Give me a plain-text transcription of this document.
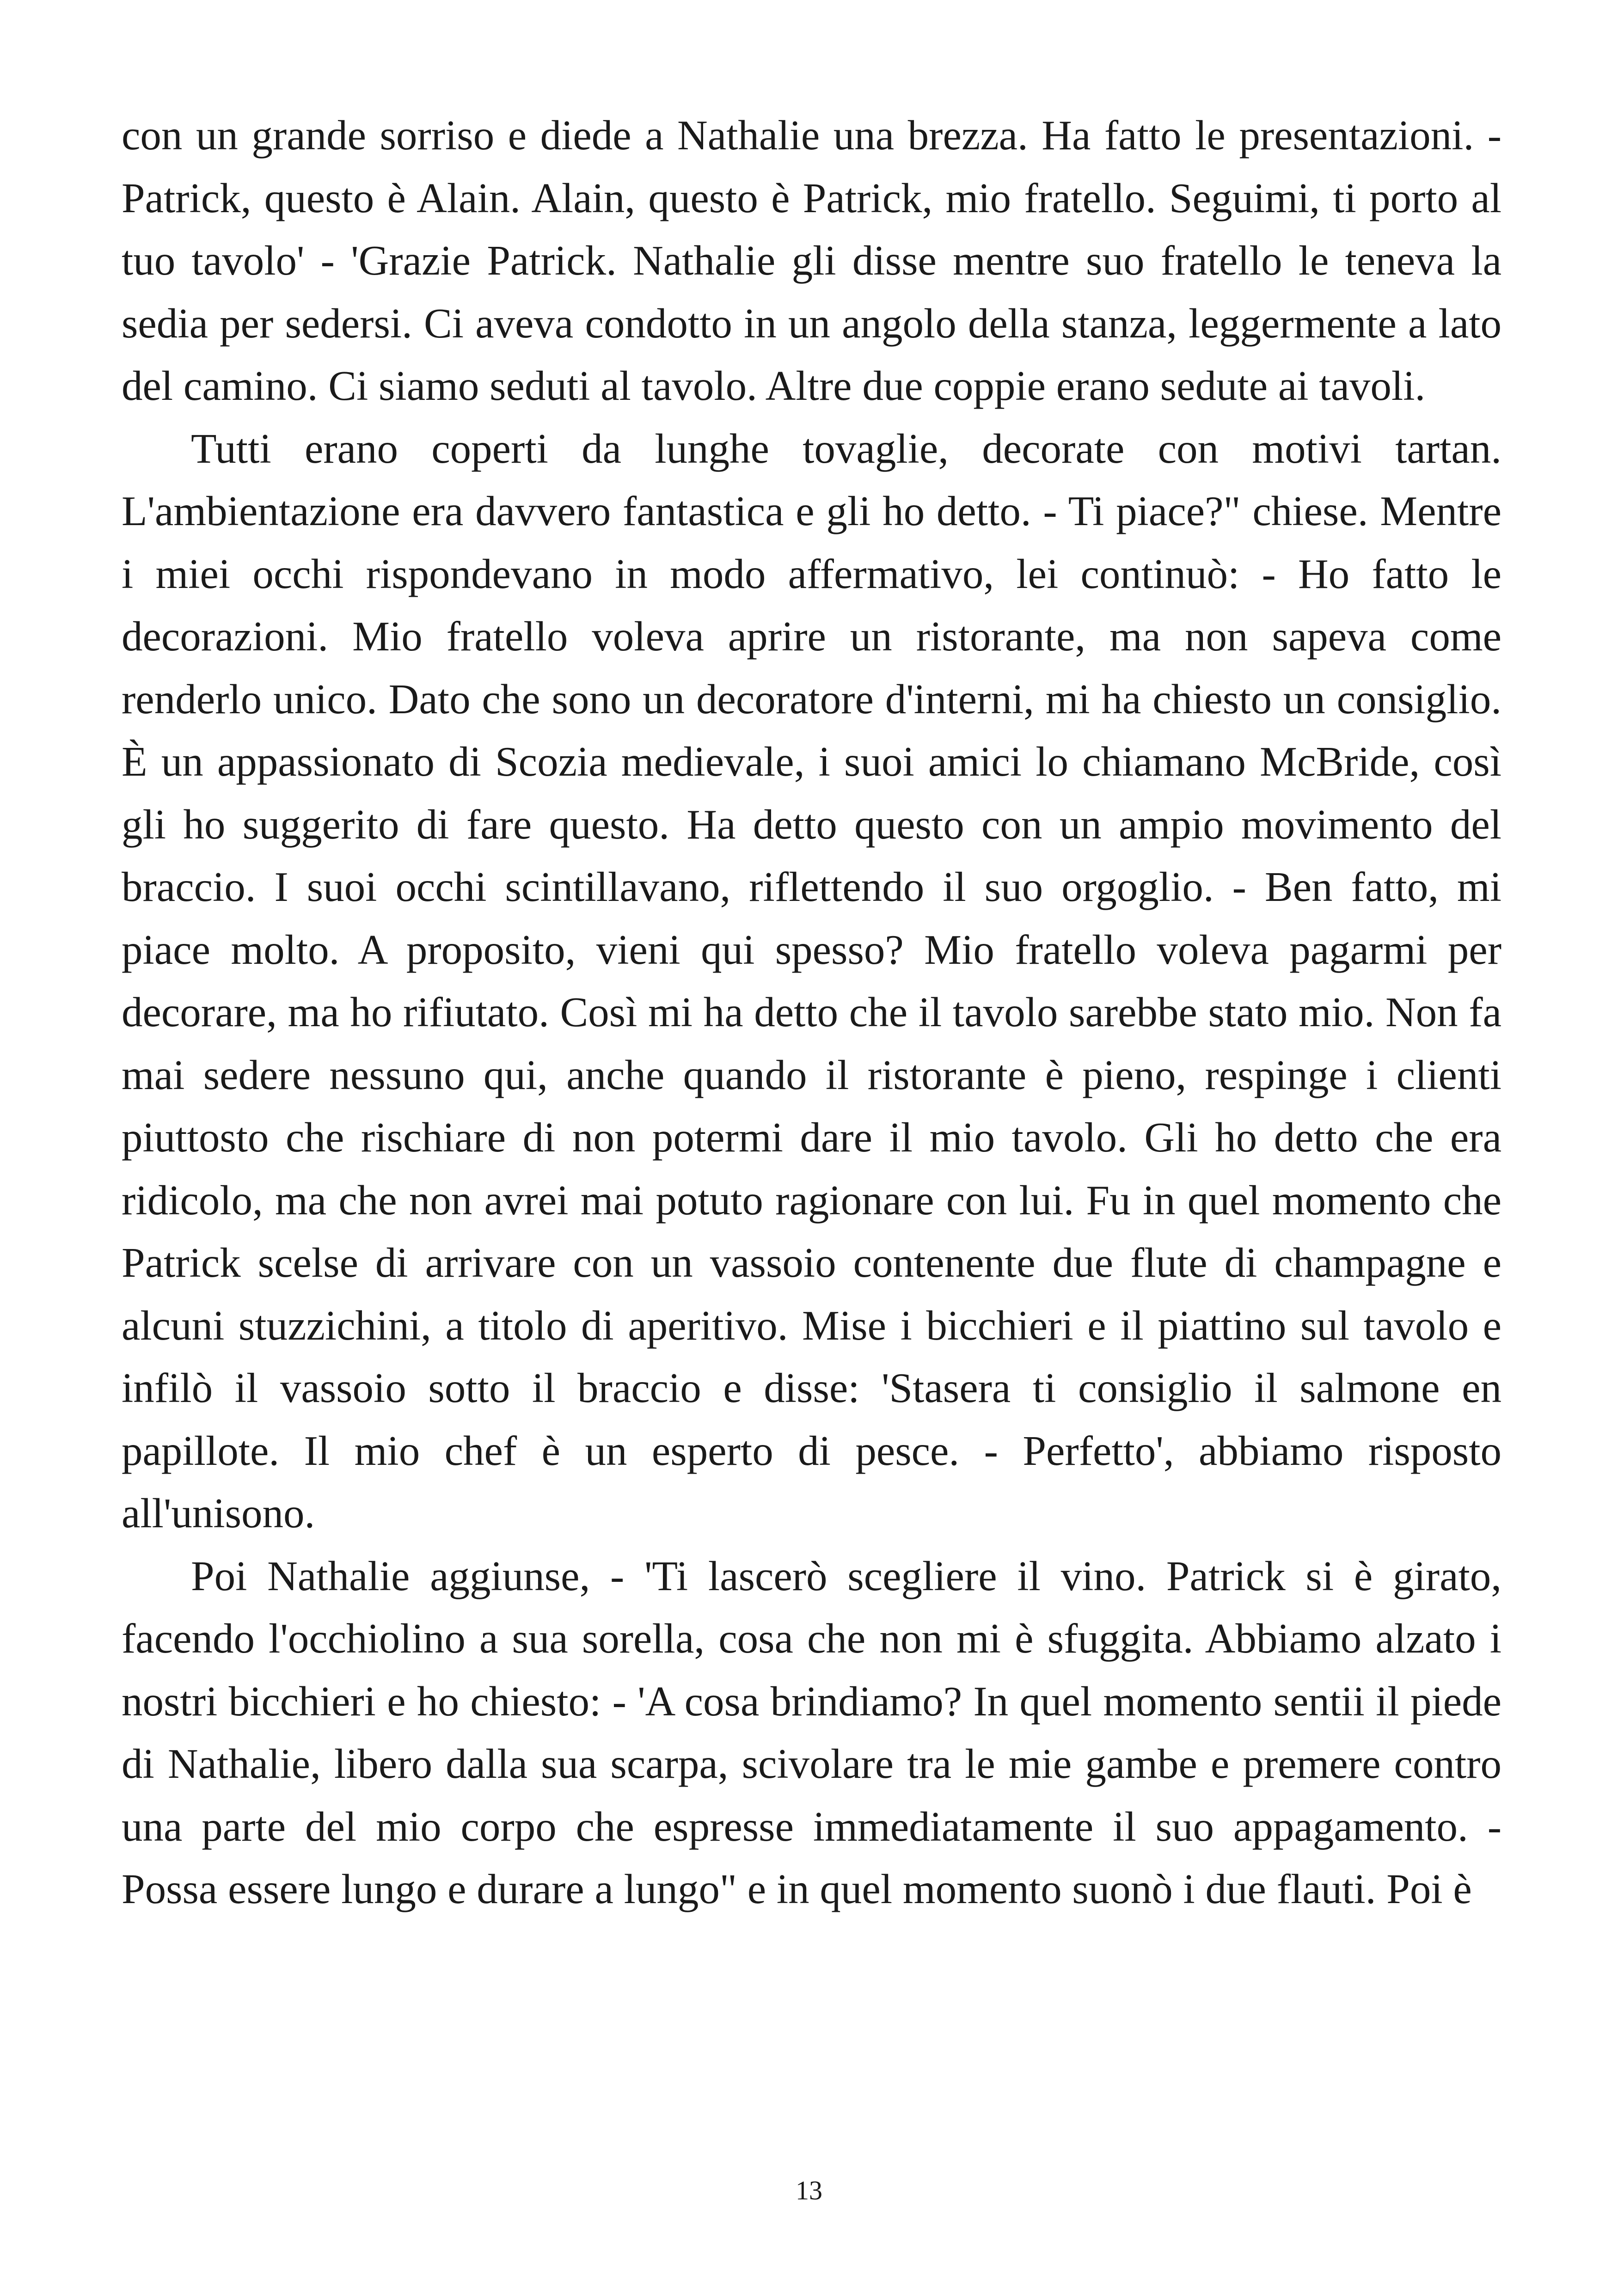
con un grande sorriso e diede a Nathalie una brezza. Ha fatto le presentazioni. - Patrick, questo è Alain. Alain, questo è Patrick, mio fratello. Seguimi, ti porto al tuo tavolo' - 'Grazie Patrick. Nathalie gli disse mentre suo fratello le teneva la sedia per sedersi. Ci aveva condotto in un angolo della stanza, leggermente a lato del camino. Ci siamo seduti al tavolo. Altre due coppie erano sedute ai tavoli.

Tutti erano coperti da lunghe tovaglie, decorate con motivi tartan. L'ambientazione era davvero fantastica e gli ho detto. - Ti piace?" chiese. Mentre i miei occhi rispondevano in modo affermativo, lei continuò: - Ho fatto le decorazioni. Mio fratello voleva aprire un ristorante, ma non sapeva come renderlo unico. Dato che sono un decoratore d'interni, mi ha chiesto un consiglio. È un appassionato di Scozia medievale, i suoi amici lo chiamano McBride, così gli ho suggerito di fare questo. Ha detto questo con un ampio movimento del braccio. I suoi occhi scintillavano, riflettendo il suo orgoglio. - Ben fatto, mi piace molto. A proposito, vieni qui spesso? Mio fratello voleva pagarmi per decorare, ma ho rifiutato. Così mi ha detto che il tavolo sarebbe stato mio. Non fa mai sedere nessuno qui, anche quando il ristorante è pieno, respinge i clienti piuttosto che rischiare di non potermi dare il mio tavolo. Gli ho detto che era ridicolo, ma che non avrei mai potuto ragionare con lui. Fu in quel momento che Patrick scelse di arrivare con un vassoio contenente due flute di champagne e alcuni stuzzichini, a titolo di aperitivo. Mise i bicchieri e il piattino sul tavolo e infilò il vassoio sotto il braccio e disse: 'Stasera ti consiglio il salmone en papillote. Il mio chef è un esperto di pesce. - Perfetto', abbiamo risposto all'unisono.

Poi Nathalie aggiunse, - 'Ti lascerò scegliere il vino. Patrick si è girato, facendo l'occhiolino a sua sorella, cosa che non mi è sfuggita. Abbiamo alzato i nostri bicchieri e ho chiesto: - 'A cosa brindiamo? In quel momento sentii il piede di Nathalie, libero dalla sua scarpa, scivolare tra le mie gambe e premere contro una parte del mio corpo che espresse immediatamente il suo appagamento. - Possa essere lungo e durare a lungo" e in quel momento suonò i due flauti. Poi è

13
